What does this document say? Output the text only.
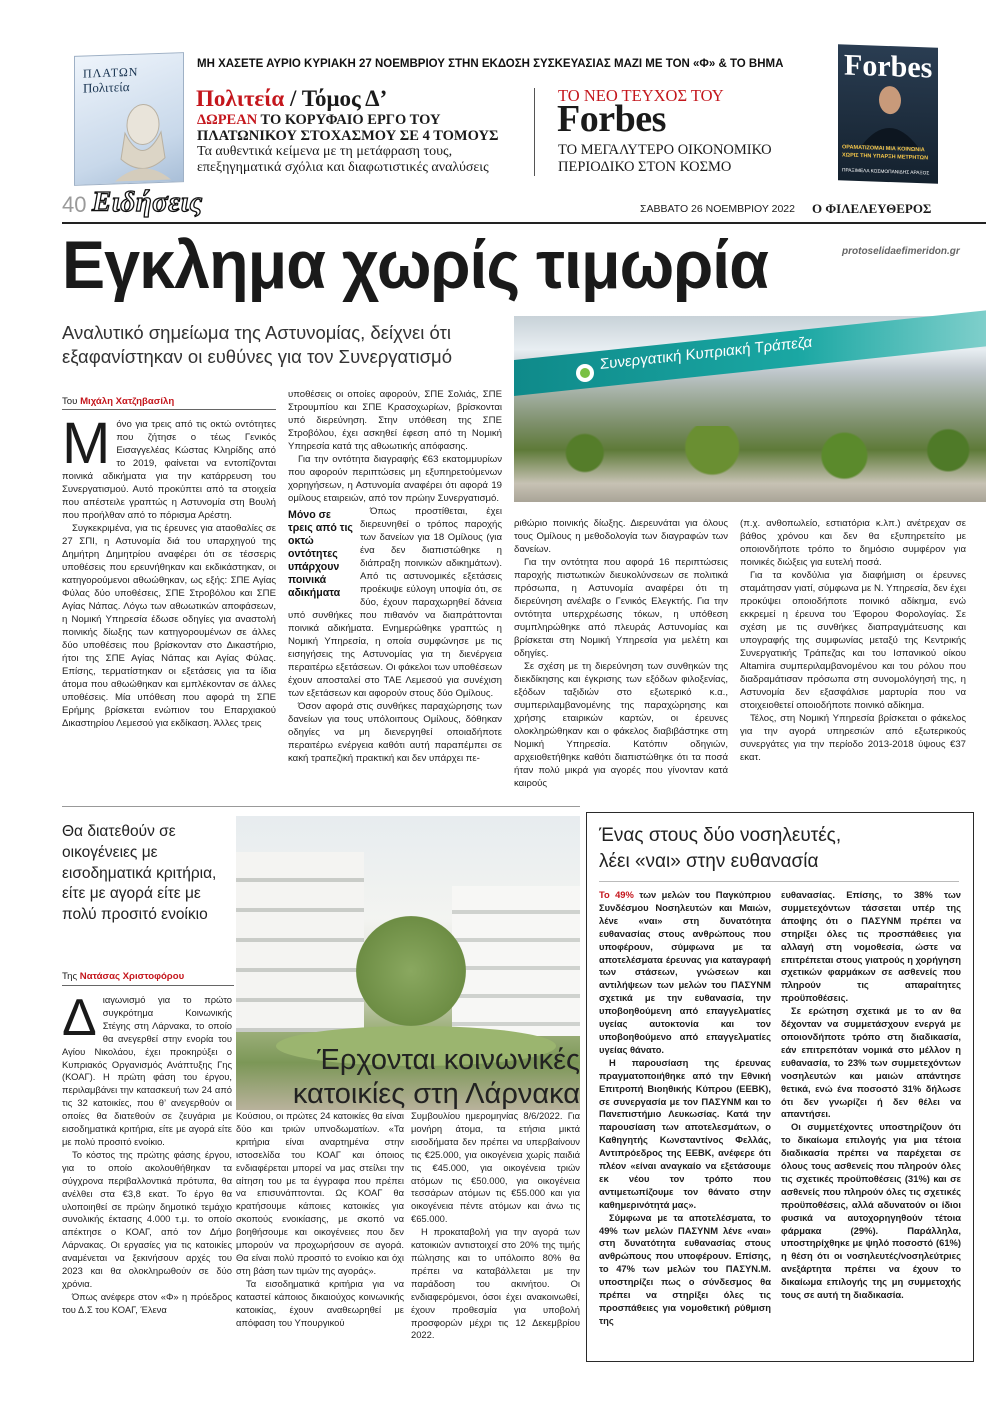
ΠΛΑΤΩΝ
Πολιτεία
ΜΗ ΧΑΣΕΤΕ ΑΥΡΙΟ ΚΥΡΙΑΚΗ 27 ΝΟΕΜΒΡΙΟΥ ΣΤΗΝ ΕΚΔΟΣΗ ΣΥΣΚΕΥΑΣΙΑΣ ΜΑΖΙ ΜΕ ΤΟΝ «Φ» & ΤΟ ΒΗΜΑ
Πολιτεία / Τόμος Δ’
ΔΩΡΕΑΝ ΤΟ ΚΟΡΥΦΑΙΟ ΕΡΓΟ ΤΟΥ
ΠΛΑΤΩΝΙΚΟΥ ΣΤΟΧΑΣΜΟΥ ΣΕ 4 ΤΟΜΟΥΣ
Τα αυθεντικά κείμενα με τη μετάφραση τους,
επεξηγηματικά σχόλια και διαφωτιστικές αναλύσεις
ΤΟ ΝΕΟ ΤΕΥΧΟΣ ΤΟΥ
Forbes
ΤΟ ΜΕΓΑΛΥΤΕΡΟ ΟΙΚΟΝΟΜΙΚΟ
ΠΕΡΙΟΔΙΚΟ ΣΤΟΝ ΚΟΣΜΟ
Forbes
ΟΡΑΜΑΤΙΖΟΜΑΙ ΜΙΑ ΚΟΙΝΩΝΙΑ
ΧΩΡΙΣ ΤΗΝ ΥΠΑΡΞΗ ΜΕΤΡΗΤΩΝ
ΠΡΑΞΙΜΕΛΑ ΚΟΣΜΟΠΑΝΙΔΗΣ ΑΡΑΞΟΣ
40 Ειδήσεις	ΣΑΒΒΑΤΟ 26 ΝΟΕΜΒΡΙΟΥ 2022 Ο ΦΙΛΕΛΕΥΘΕΡΟΣ
protoselidaefimeridon.gr
Εγκλημα χωρίς τιμωρία
Αναλυτικό σημείωμα της Αστυνομίας, δείχνει ότι
εξαφανίστηκαν οι ευθύνες για τον Συνεργατισμό	Συνεργατική Κυπριακή Τράπεζα
Του Μιχάλη Χατζηβασίλη
M όνο για τρεις από τις οκτώ οντότητες που ζήτησε ο τέως Γενικός Εισαγγελέας Κώστας Κληρίδης από το 2019, φαίνεται να εντοπίζονται ποινικά αδικήματα για την κατάρρευση του Συνεργατισμού. Αυτό προκύπτει από τα στοιχεία που απέστειλε γραπτώς η Αστυνομία στη Βουλή που προήλθαν από το πόρισμα Αρέστη.

Συγκεκριμένα, για τις έρευνες για αταοθαλίες σε 27 ΣΠΙ, η Αστυνομία διά του υπαρχηγού της Δημήτρη Δημητρίου αναφέρει ότι σε τέσσερις υποθέσεις που ερευνήθηκαν και εκδικάστηκαν, οι κατηγορούμενοι αθωώθηκαν, ως εξής: ΣΠΕ Αγίας Φύλας δύο υποθέσεις, ΣΠΕ Στροβόλου και ΣΠΕ Αγίας Νάπας. Λόγω των αθωωτικών αποφάσεων, η Νομική Υπηρεσία έδωσε οδηγίες για αναστολή ποινικής δίωξης των κατηγορουμένων σε άλλες δύο υποθέσεις που βρίσκονταν στο Δικαστήριο, ήτοι της ΣΠΕ Αγίας Νάπας και Αγίας Φύλας. Επίσης, τερματίστηκαν οι εξετάσεις για τα ίδια άτομα που αθωώθηκαν και εμπλέκονταν σε άλλες υποθέσεις. Μία υπόθεση που αφορά τη ΣΠΕ Ερήμης βρίσκεται ενώπιον του Επαρχιακού Δικαστηρίου Λεμεσού για εκδίκαση. Άλλες τρεις

υποθέσεις οι οποίες αφορούν, ΣΠΕ Σολιάς, ΣΠΕ Στρουμπίου και ΣΠΕ Κρασοχωρίων, βρίσκονται υπό διερεύνηση. Στην υπόθεση της ΣΠΕ Στροβόλου, έχει ασκηθεί έφεση από τη Νομική Υπηρεσία κατά της αθωωτικής απόφασης.

Για την οντότητα διαγραφής €63 εκατομμυρίων που αφορούν περιπτώσεις μη εξυπηρετούμενων χορηγήσεων, η Αστυνομία αναφέρει ότι αφορά 19 ομίλους εταιρειών, από τον πρώην Συνεργατισμό.

Μόνο σε τρεις από τις οκτώ οντότητες υπάρχουν ποινικά αδικήματα

Όπως προστίθεται, έχει διερευνηθεί ο τρόπος παροχής των δανείων για 18 Ομίλους (για ένα δεν διαπιστώθηκε η διάπραξη ποινικών αδικημάτων). Από τις αστυνομικές εξετάσεις προέκυψε εύλογη υποψία ότι, σε δύο, έχουν παραχωρηθεί δάνεια υπό συνθήκες που πιθανόν να διαπράττονται ποινικά αδικήματα. Ενημερώθηκε γραπτώς η Νομική Υπηρεσία, η οποία συμφώνησε με τις εισηγήσεις της Αστυνομίας για τη διενέργεια περαιτέρω εξετάσεων. Οι φάκελοι των υποθέσεων έχουν αποσταλεί στο ΤΑΕ Λεμεσού για συνέχιση των εξετάσεων και αφορούν στους δύο Ομίλους.

Όσον αφορά στις συνθήκες παραχώρησης των δανείων για τους υπόλοιπους Ομίλους, δόθηκαν οδηγίες να μη διενεργηθεί οποιαδήποτε περαιτέρω ενέργεια καθότι αυτή παραπέμπει σε κακή τραπεζική πρακτική και δεν υπάρχει πε-

ριθώριο ποινικής δίωξης. Διερευνάται για όλους τους Ομίλους η μεθοδολογία των διαγραφών των δανείων.

Για την οντότητα που αφορά 16 περιπτώσεις παροχής πιστωτικών διευκολύνσεων σε πολιτικά πρόσωπα, η Αστυνομία αναφέρει ότι τη διερεύνηση ανέλαβε ο Γενικός Ελεγκτής. Για την οντότητα υπερχρέωσης τόκων, η υπόθεση συμπληρώθηκε από πλευράς Αστυνομίας και βρίσκεται στη Νομική Υπηρεσία για μελέτη και οδηγίες.

Σε σχέση με τη διερεύνηση των συνθηκών της διεκδίκησης και έγκρισης των εξόδων φιλοξενίας, εξόδων ταξιδιών στο εξωτερικό κ.α., συμπεριλαμβανομένης της παραχώρησης και χρήσης εταιρικών καρτών, οι έρευνες ολοκληρώθηκαν και ο φάκελος διαβιβάστηκε στη Νομική Υπηρεσία. Κατόπιν οδηγιών, αρχειοθετήθηκε καθότι διαπιστώθηκε ότι τα ποσά ήταν πολύ μικρά για αγορές που γίνονταν κατά καιρούς

(π.χ. ανθοπωλείο, εστιατόρια κ.λπ.) ανέτρεχαν σε βάθος χρόνου και δεν θα εξυπηρετείτο με οποιονδήποτε τρόπο το δημόσιο συμφέρον για ποινικές διώξεις για ευτελή ποσά.

Για τα κονδύλια για διαφήμιση οι έρευνες σταμάτησαν γιατί, σύμφωνα με Ν. Υπηρεσία, δεν έχει προκύψει οποιοδήποτε ποινικό αδίκημα, ενώ εκκρεμεί η έρευνα του Έφορου Φορολογίας. Σε σχέση με τις συνθήκες διαπραγμάτευσης και υπογραφής της συμφωνίας μεταξύ της Κεντρικής Συνεργατικής Τράπεζας και του Ισπανικού οίκου Altamira συμπεριλαμβανομένου και του ρόλου που διαδραμάτισαν πρόσωπα στη συνομολόγησή της, η Αστυνομία δεν εξασφάλισε μαρτυρία που να στοιχειοθετεί οποιοδήποτε ποινικό αδίκημα.

Τέλος, στη Νομική Υπηρεσία βρίσκεται ο φάκελος για την αγορά υπηρεσιών από εξωτερικούς συνεργάτες για την περίοδο 2013-2018 ύψους €37 εκατ.

Θα διατεθούν σε οικογένειες με εισοδηματικά κριτήρια, είτε με αγορά είτε με πολύ προσιτό ενοίκιο
Της Νατάσας Χριστοφόρου
Έρχονται κοινωνικές
κατοικίες στη Λάρνακα
Δ ιαγωνισμό για το πρώτο συγκρότημα Κοινωνικής Στέγης στη Λάρνακα, το οποίο θα ανεγερθεί στην ενορία του Αγίου Νικολάου, έχει προκηρύξει ο Κυπριακός Οργανισμός Ανάπτυξης Γης (ΚΟΑΓ). Η πρώτη φάση του έργου, περιλαμβάνει την κατασκευή των 24 από τις 32 κατοικίες, που θ’ ανεγερθούν οι οποίες θα διατεθούν σε ζευγάρια με εισοδηματικά κριτήρια, είτε με αγορά είτε με πολύ προσιτό ενοίκιο.

Το κόστος της πρώτης φάσης έργου, για το οποίο ακολουθήθηκαν τα σύγχρονα περιβαλλοντικά πρότυπα, θα ανέλθει στα €3,8 εκατ. Το έργο θα υλοποιηθεί σε πρώην δημοτικό τεμάχιο συνολικής έκτασης 4.000 τ.μ. το οποίο απέκτησε ο ΚΟΑΓ, από τον Δήμο Λάρνακας. Οι εργασίες για τις κατοικίες αναμένεται να ξεκινήσουν αρχές του 2023 και θα ολοκληρωθούν σε δύο χρόνια.

Όπως ανέφερε στον «Φ» η πρόεδρος του Δ.Σ του ΚΟΑΓ, Έλενα

Κούσιου, οι πρώτες 24 κατοικίες θα είναι δύο και τριών υπνοδωματίων. «Τα κριτήρια είναι αναρτημένα στην ιστοσελίδα του ΚΟΑΓ και όποιος ενδιαφέρεται μπορεί να μας στείλει την αίτηση του με τα έγγραφα που πρέπει να επισυνάπτονται. Ως ΚΟΑΓ θα κρατήσουμε κάποιες κατοικίες για σκοπούς ενοικίασης, με σκοπό να βοηθήσουμε και οικογένειες που δεν μπορούν να προχωρήσουν σε αγορά. Θα είναι πολύ προσιτό το ενοίκιο και όχι στη βάση των τιμών της αγοράς».

Τα εισοδηματικά κριτήρια για να καταστεί κάποιος δικαιούχος κοινωνικής κατοικίας, έχουν αναθεωρηθεί με απόφαση του Υπουργικού

Συμβουλίου ημερομηνίας 8/6/2022. Για μονήρη άτομα, τα ετήσια μικτά εισοδήματα δεν πρέπει να υπερβαίνουν τις €25.000, για οικογένεια χωρίς παιδιά τις €45.000, για οικογένεια τριών ατόμων τις €50.000, για οικογένεια τεσσάρων ατόμων τις €55.000 και για οικογένεια πέντε ατόμων και άνω τις €65.000.

Η προκαταβολή για την αγορά των κατοικιών αντιστοιχεί στο 20% της τιμής πώλησης και το υπόλοιπο 80% θα πρέπει να καταβάλλεται με την παράδοση του ακινήτου. Οι ενδιαφερόμενοι, όσοι έχει ανακοινωθεί, έχουν προθεσμία για υποβολή προσφορών μέχρι τις 12 Δεκεμβρίου 2022.

Ένας στους δύο νοσηλευτές,
λέει «ναι» στην ευθανασία

Το 49% των μελών του Παγκύπριου Συνδέσμου Νοσηλευτών και Μαιών, λένε «ναι» στη δυνατότητα ευθανασίας στους ανθρώπους που υποφέρουν, σύμφωνα με τα αποτελέσματα έρευνας για καταγραφή των στάσεων, γνώσεων και αντιλήψεων των μελών του ΠΑΣΥΝΜ σχετικά με την ευθανασία, την υποβοηθούμενη από επαγγελματίες υγείας αυτοκτονία και τον υποβοηθούμενο από επαγγελματίες υγείας θάνατο.

Η παρουσίαση της έρευνας πραγματοποιήθηκε από την Εθνική Επιτροπή Βιοηθικής Κύπρου (ΕΕΒΚ), σε συνεργασία με τον ΠΑΣΥΝΜ και το Πανεπιστήμιο Λευκωσίας. Κατά την παρουσίαση των αποτελεσμάτων, ο Καθηγητής Κωνσταντίνος Φελλάς, Αντιπρόεδρος της ΕΕΒΚ, ανέφερε ότι πλέον «είναι αναγκαίο να εξετάσουμε εκ νέου τον τρόπο που αντιμετωπίζουμε τον θάνατο στην καθημερινότητά μας».

Σύμφωνα με τα αποτελέσματα, το 49% των μελών ΠΑΣΥΝΜ λένε «ναι» στη δυνατότητα ευθανασίας στους ανθρώπους που υποφέρουν. Επίσης, το 47% των μελών του ΠΑΣΥΝ.Μ. υποστηρίζει πως ο σύνδεσμος θα πρέπει να στηρίξει όλες τις προσπάθειες για νομοθετική ρύθμιση της

ευθανασίας. Επίσης, το 38% των συμμετεχόντων τάσσεται υπέρ της άποψης ότι ο ΠΑΣΥΝΜ πρέπει να στηρίξει όλες τις προσπάθειες για αλλαγή στη νομοθεσία, ώστε να επιτρέπεται στους γιατρούς η χορήγηση σχετικών φαρμάκων σε ασθενείς που πληρούν τις απαραίτητες προϋποθέσεις.

Σε ερώτηση σχετικά με το αν θα δέχονταν να συμμετάσχουν ενεργά με οποιονδήποτε τρόπο στη διαδικασία, εάν επιτρεπόταν νομικά στο μέλλον η ευθανασία, το 23% των συμμετεχόντων νοσηλευτών και μαιών απάντησε θετικά, ενώ ένα ποσοστό 31% δήλωσε ότι δεν γνωρίζει ή δεν θέλει να απαντήσει.

Οι συμμετέχοντες υποστηρίζουν ότι το δικαίωμα επιλογής για μια τέτοια διαδικασία πρέπει να παρέχεται σε όλους τους ασθενείς που πληρούν όλες τις σχετικές προϋποθέσεις (31%) και σε ασθενείς που πληρούν όλες τις σχετικές προϋποθέσεις, αλλά αδυνατούν οι ίδιοι φυσικά να αυτοχορηγηθούν τέτοια φάρμακα (29%). Παράλληλα, υποστηρίχθηκε με ψηλό ποσοστό (61%) η θέση ότι οι νοσηλευτές/νοσηλεύτριες ανεξάρτητα πρέπει να έχουν το δικαίωμα επιλογής της μη συμμετοχής τους σε αυτή τη διαδικασία.
